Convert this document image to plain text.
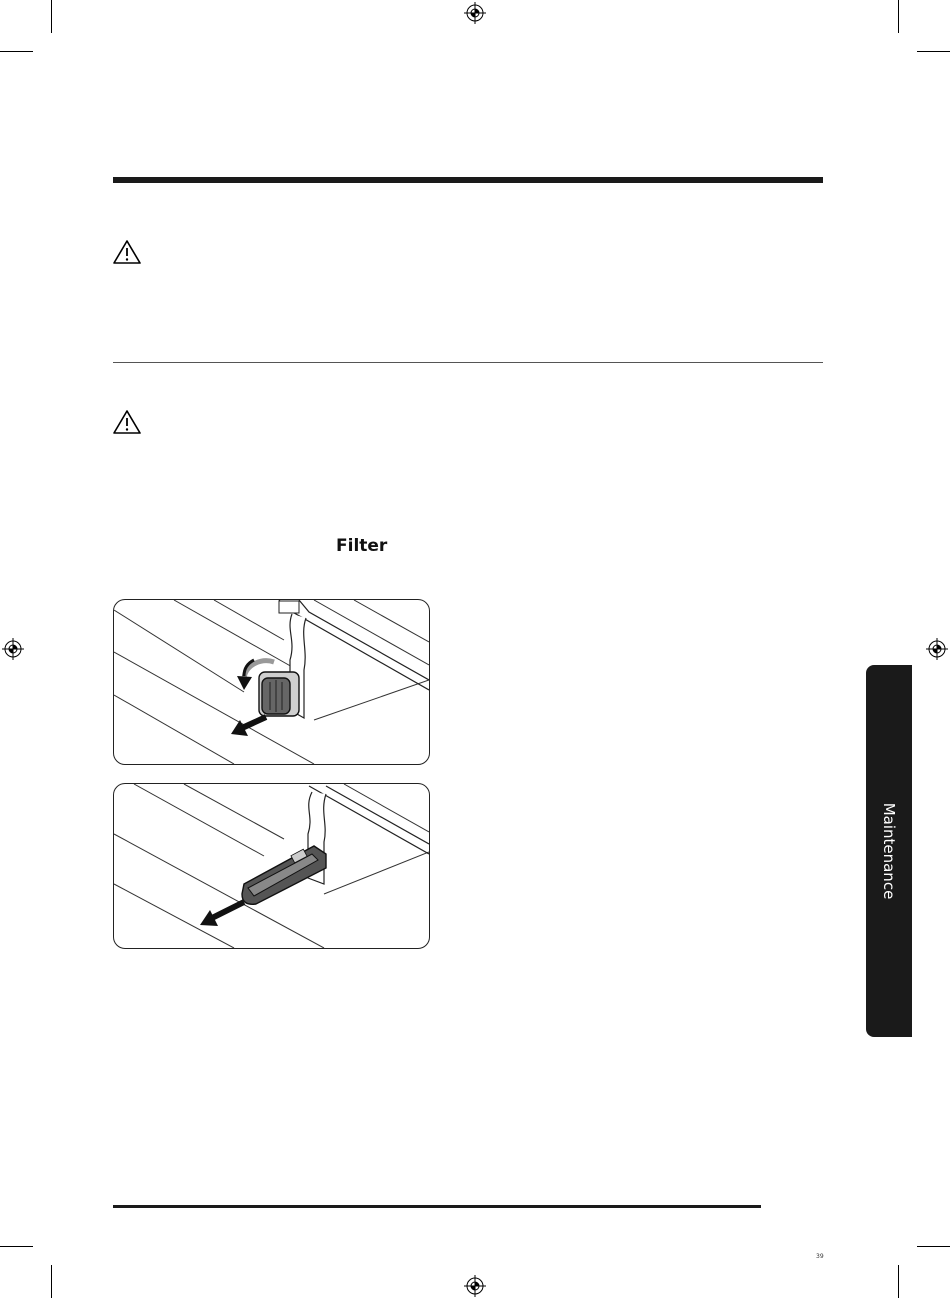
Filter
Maintenance
39
